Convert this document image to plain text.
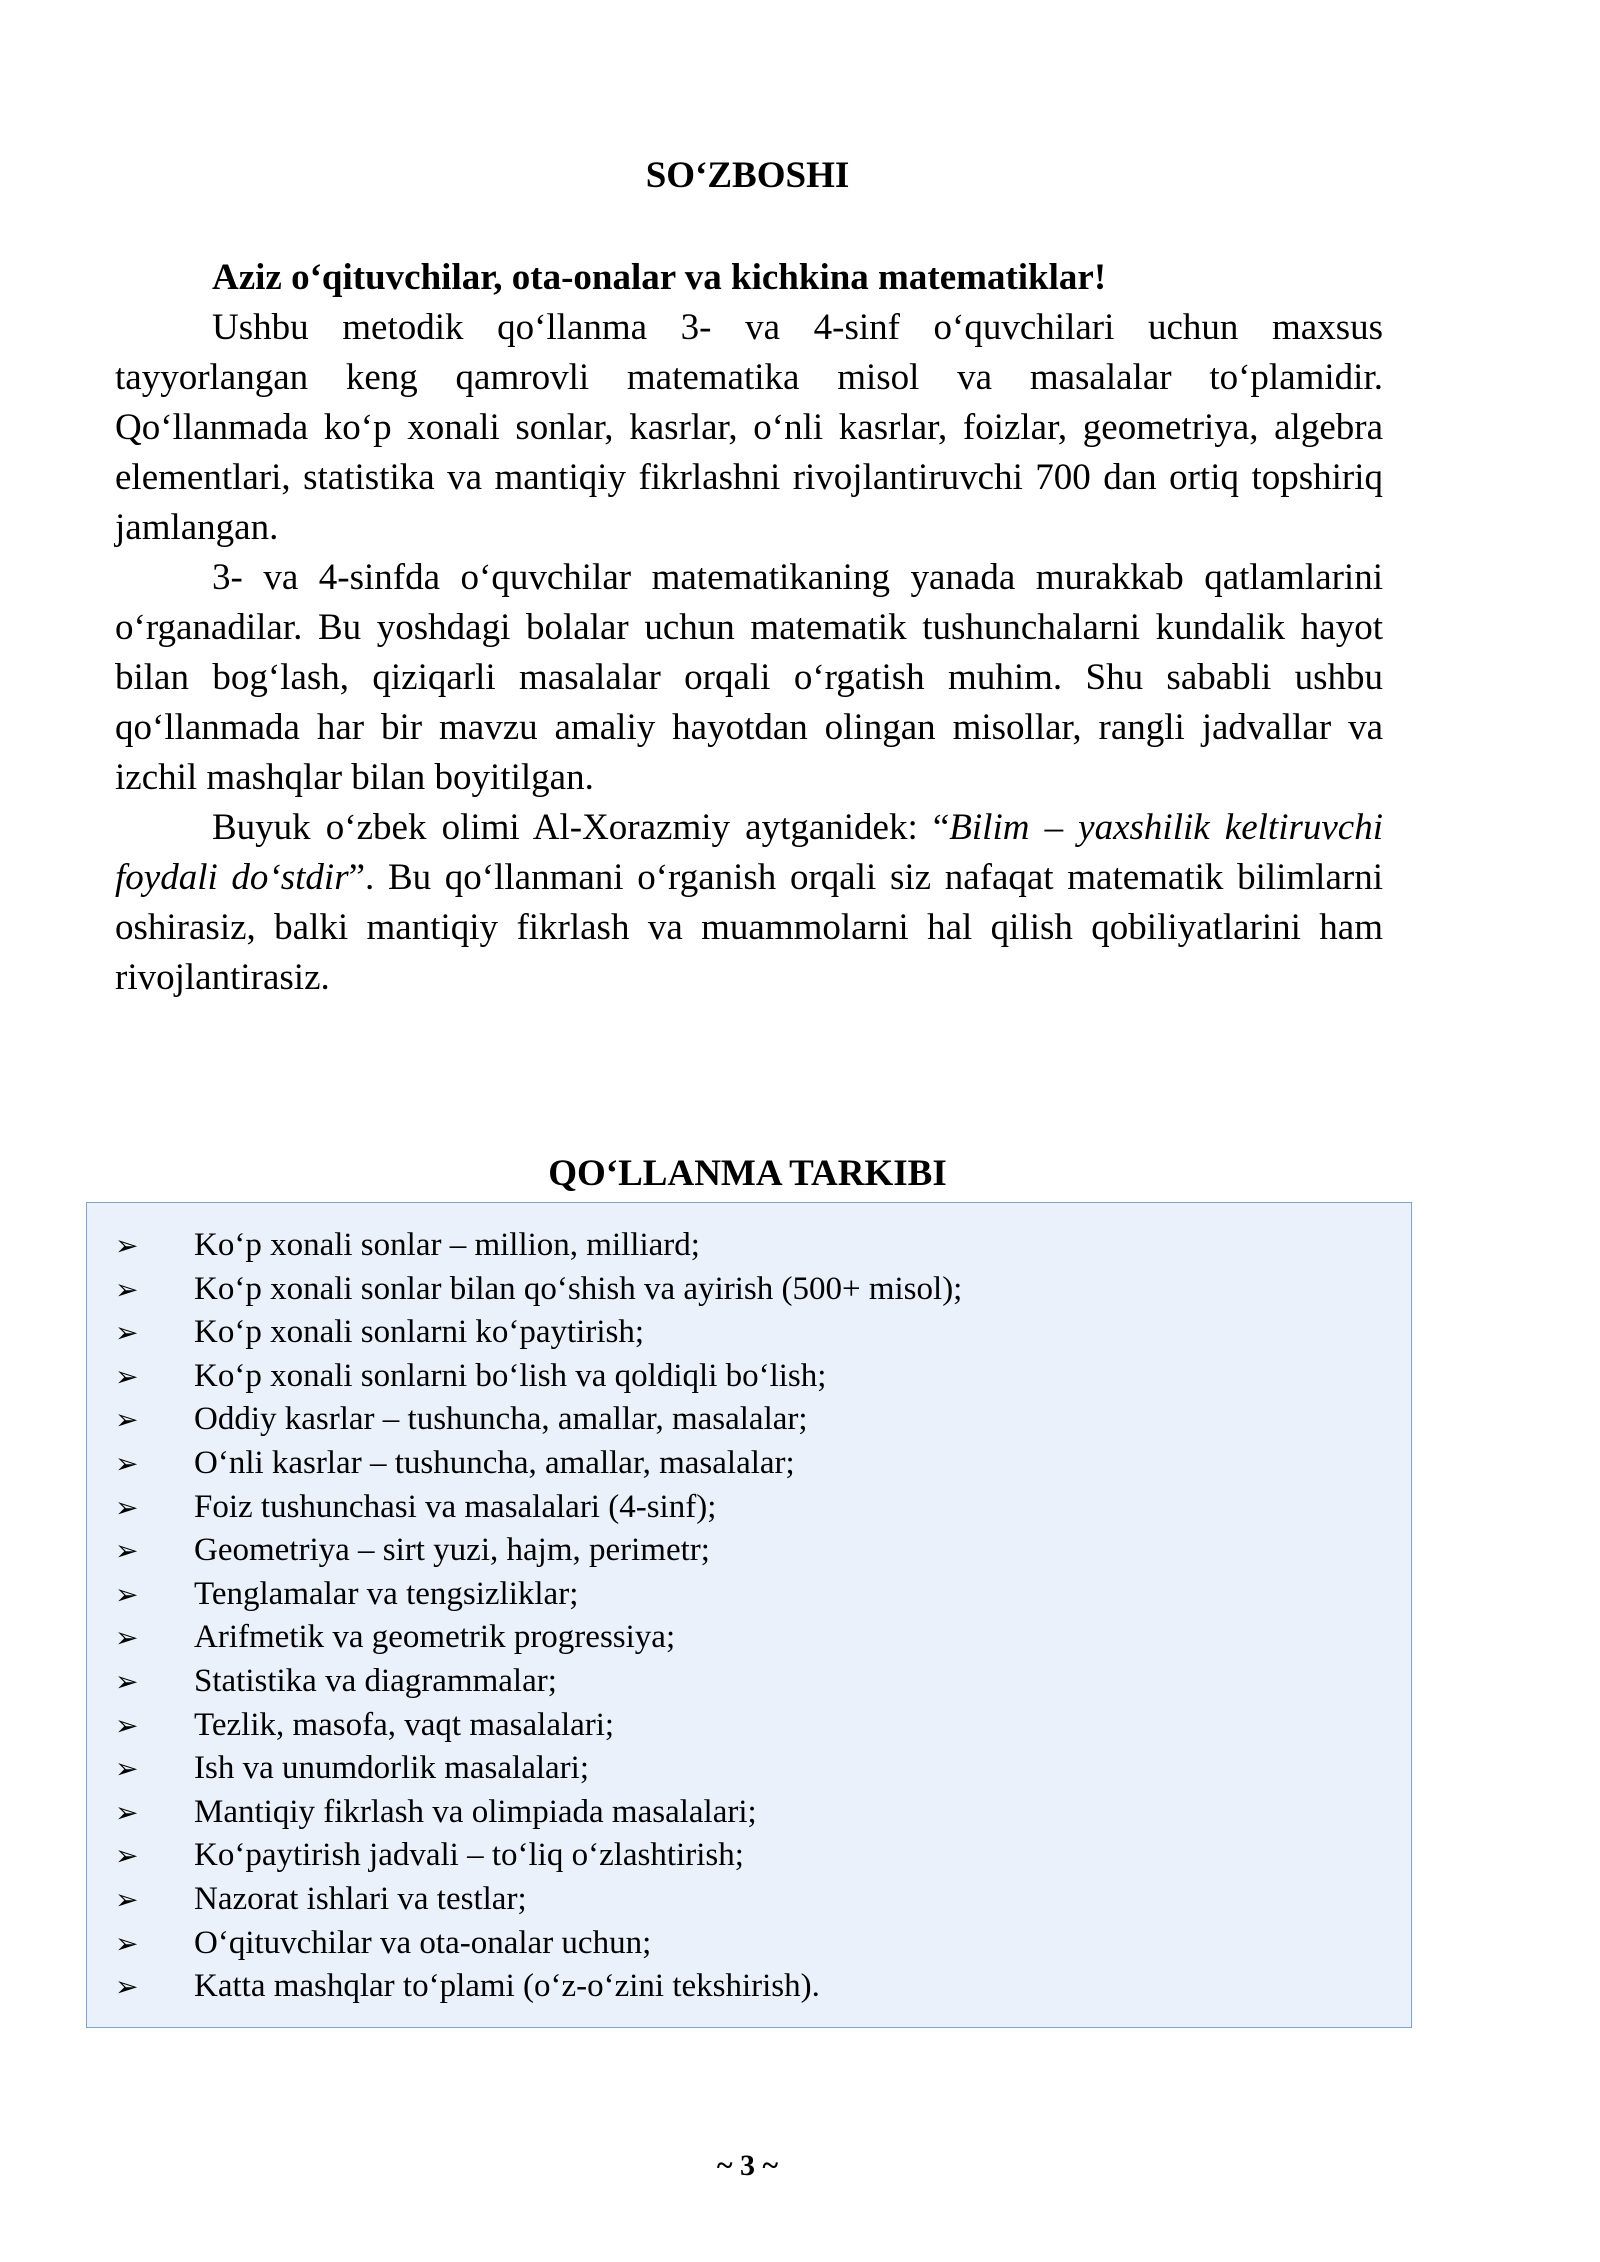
SO‘ZBOSHI

Aziz o‘qituvchilar, ota-onalar va kichkina matematiklar!

Ushbu metodik qo‘llanma 3- va 4-sinf o‘quvchilari uchun maxsus tayyorlangan keng qamrovli matematika misol va masalalar to‘plamidir. Qo‘llanmada ko‘p xonali sonlar, kasrlar, o‘nli kasrlar, foizlar, geometriya, algebra elementlari, statistika va mantiqiy fikrlashni rivojlantiruvchi 700 dan ortiq topshiriq jamlangan.

3- va 4-sinfda o‘quvchilar matematikaning yanada murakkab qatlamlarini o‘rganadilar. Bu yoshdagi bolalar uchun matematik tushunchalarni kundalik hayot bilan bog‘lash, qiziqarli masalalar orqali o‘rgatish muhim. Shu sababli ushbu qo‘llanmada har bir mavzu amaliy hayotdan olingan misollar, rangli jadvallar va izchil mashqlar bilan boyitilgan.

Buyuk o‘zbek olimi Al-Xorazmiy aytganidek: “Bilim – yaxshilik keltiruvchi foydali do‘stdir”. Bu qo‘llanmani o‘rganish orqali siz nafaqat matematik bilimlarni oshirasiz, balki mantiqiy fikrlash va muammolarni hal qilish qobiliyatlarini ham rivojlantirasiz.

QO‘LLANMA TARKIBI
➢ Ko‘p xonali sonlar – million, milliard;
➢ Ko‘p xonali sonlar bilan qo‘shish va ayirish (500+ misol);
➢ Ko‘p xonali sonlarni ko‘paytirish;
➢ Ko‘p xonali sonlarni bo‘lish va qoldiqli bo‘lish;
➢ Oddiy kasrlar – tushuncha, amallar, masalalar;
➢ O‘nli kasrlar – tushuncha, amallar, masalalar;
➢ Foiz tushunchasi va masalalari (4-sinf);
➢ Geometriya – sirt yuzi, hajm, perimetr;
➢ Tenglamalar va tengsizliklar;
➢ Arifmetik va geometrik progressiya;
➢ Statistika va diagrammalar;
➢ Tezlik, masofa, vaqt masalalari;
➢ Ish va unumdorlik masalalari;
➢ Mantiqiy fikrlash va olimpiada masalalari;
➢ Ko‘paytirish jadvali – to‘liq o‘zlashtirish;
➢ Nazorat ishlari va testlar;
➢ O‘qituvchilar va ota-onalar uchun;
➢ Katta mashqlar to‘plami (o‘z-o‘zini tekshirish).
~ 3 ~
